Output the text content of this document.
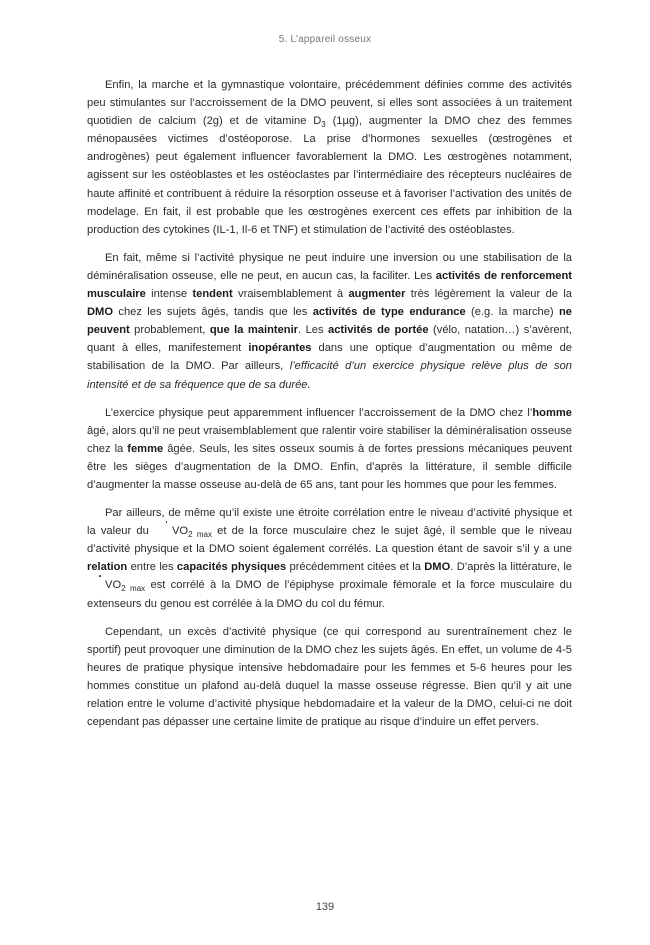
5. L’appareil osseux

Enfin, la marche et la gymnastique volontaire, précédemment définies comme des activités peu stimulantes sur l’accroissement de la DMO peuvent, si elles sont associées à un traitement quotidien de calcium (2g) et de vitamine $D_3$ (1µg), augmenter la DMO chez des femmes ménopausées victimes d’ostéoporose. La prise d’hormones sexuelles (œstrogènes et androgènes) peut également influencer favorablement la DMO. Les œstrogènes notamment, agissent sur les ostéoblastes et les ostéoclastes par l’intermédiaire des récepteurs nucléaires de haute affinité et contribuent à réduire la résorption osseuse et à favoriser l’activation des unités de modelage. En fait, il est probable que les œstrogènes exercent ces effets par inhibition de la production des cytokines (IL-1, Il-6 et TNF) et stimulation de l’activité des ostéoblastes.

En fait, même si l’activité physique ne peut induire une inversion ou une stabilisation de la déminéralisation osseuse, elle ne peut, en aucun cas, la faciliter. Les activités de renforcement musculaire intense tendent vraisemblablement à augmenter très légèrement la valeur de la DMO chez les sujets âgés, tandis que les activités de type endurance (e.g. la marche) ne peuvent probablement, que la maintenir. Les activités de portée (vélo, natation…) s’avèrent, quant à elles, manifestement inopérantes dans une optique d’augmentation ou même de stabilisation de la DMO. Par ailleurs, l’efficacité d’un exercice physique relève plus de son intensité et de sa fréquence que de sa durée.

L’exercice physique peut apparemment influencer l’accroissement de la DMO chez l’homme âgé, alors qu’il ne peut vraisemblablement que ralentir voire stabiliser la déminéralisation osseuse chez la femme âgée. Seuls, les sites osseux soumis à de fortes pressions mécaniques peuvent être les sièges d’augmentation de la DMO. Enfin, d’après la littérature, il semble difficile d’augmenter la masse osseuse au-delà de 65 ans, tant pour les hommes que pour les femmes.

Par ailleurs, de même qu’il existe une étroite corrélation entre le niveau d’activité physique et la valeur du $VO_{2 max}$ et de la force musculaire chez le sujet âgé, il semble que le niveau d’activité physique et la DMO soient également corrélés. La question étant de savoir s’il y a une relation entre les capacités physiques précédemment citées et la DMO. D’après la littérature, le $VO_{2 max}$ est corrélé à la DMO de l’épiphyse proximale fémorale et la force musculaire du extenseurs du genou est corrélée à la DMO du col du fémur.

Cependant, un excès d’activité physique (ce qui correspond au surentraînement chez le sportif) peut provoquer une diminution de la DMO chez les sujets âgés. En effet, un volume de 4-5 heures de pratique physique intensive hebdomadaire pour les femmes et 5-6 heures pour les hommes constitue un plafond au-delà duquel la masse osseuse régresse. Bien qu’il y ait une relation entre le volume d’activité physique hebdomadaire et la valeur de la DMO, celui-ci ne doit cependant pas dépasser une certaine limite de pratique au risque d’induire un effet pervers.

139
